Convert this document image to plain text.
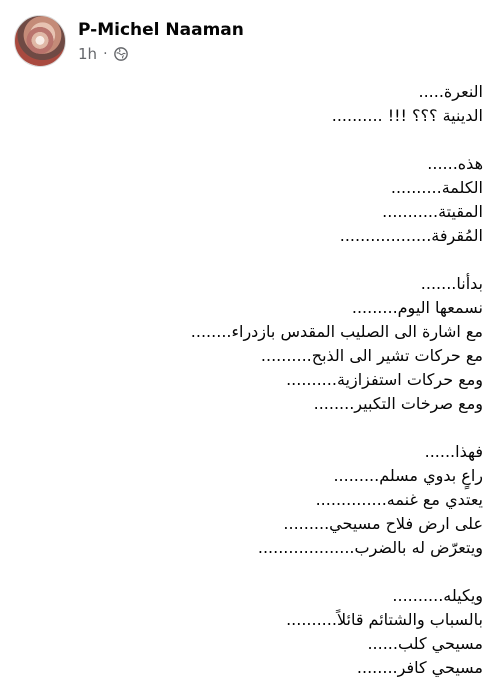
P-Michel Naaman
1h ·
النعرة.....
الدينية ؟؟؟ !!! ..........
هذه......
الكلمة..........
المقيتة...........
المُقرفة..................
بدأنا.......
نسمعها اليوم.........
مع اشارة الى الصليب المقدس بازدراء........
مع حركات تشير الى الذبح..........
ومع حركات استفزازية..........
ومع صرخات التكبير........
فهذا......
راعٍ بدوي مسلم.........
يعتدي مع غنمه..............
على ارض فلاح مسيحي.........
ويتعرّض له بالضرب...................
ويكيله..........
بالسباب والشتائم قائلاً..........
مسيحي كلب......
مسيحي كافر........
